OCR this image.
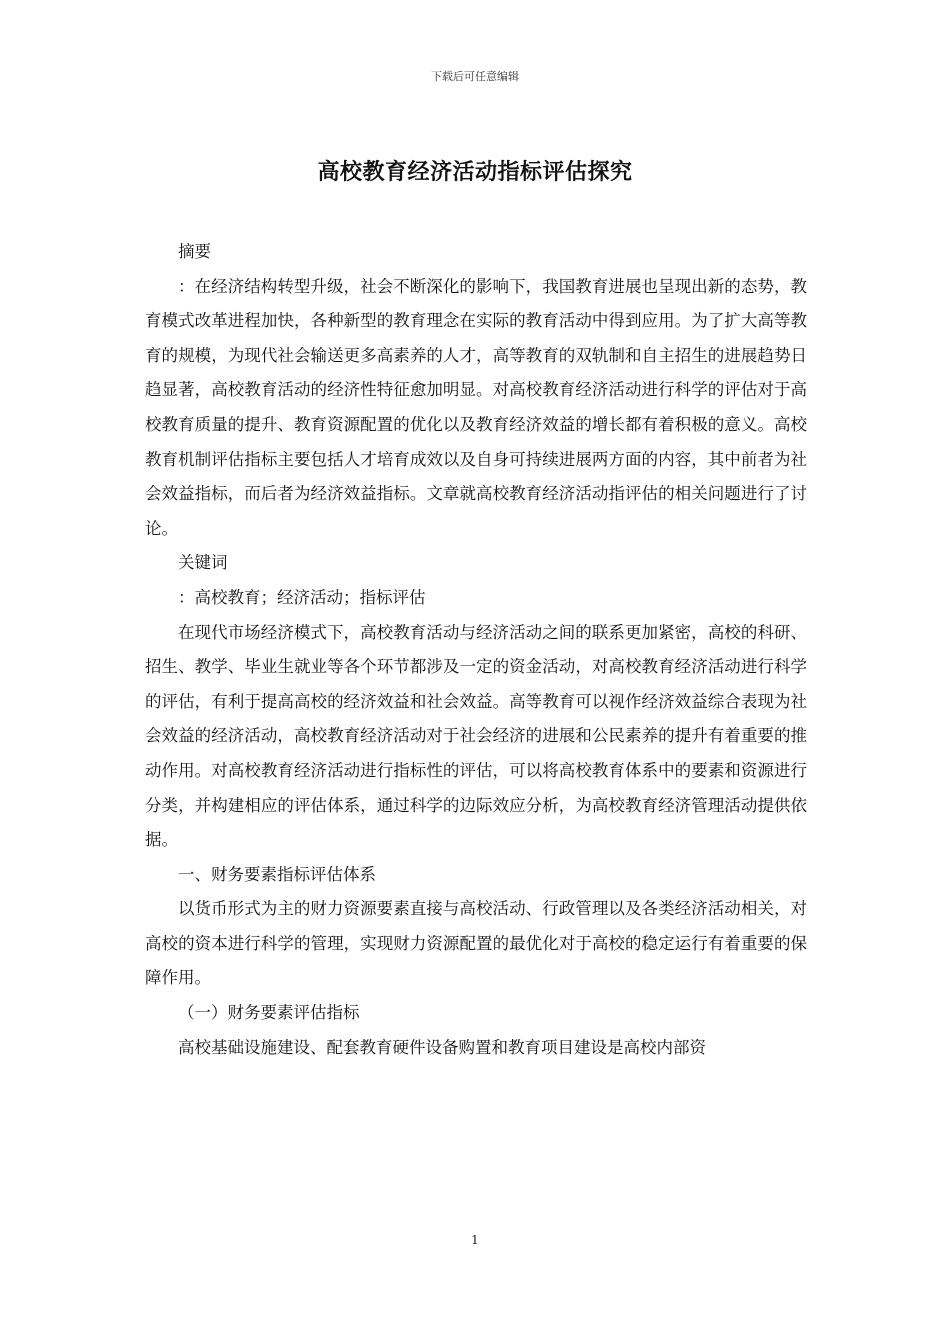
下载后可任意编辑
高校教育经济活动指标评估探究

摘要

：在经济结构转型升级，社会不断深化的影响下，我国教育进展也呈现出新的态势，教育模式改革进程加快，各种新型的教育理念在实际的教育活动中得到应用。为了扩大高等教育的规模，为现代社会输送更多高素养的人才，高等教育的双轨制和自主招生的进展趋势日趋显著，高校教育活动的经济性特征愈加明显。对高校教育经济活动进行科学的评估对于高校教育质量的提升、教育资源配置的优化以及教育经济效益的增长都有着积极的意义。高校教育机制评估指标主要包括人才培育成效以及自身可持续进展两方面的内容，其中前者为社会效益指标，而后者为经济效益指标。文章就高校教育经济活动指评估的相关问题进行了讨论。

关键词

：高校教育；经济活动；指标评估

在现代市场经济模式下，高校教育活动与经济活动之间的联系更加紧密，高校的科研、招生、教学、毕业生就业等各个环节都涉及一定的资金活动，对高校教育经济活动进行科学的评估，有利于提高高校的经济效益和社会效益。高等教育可以视作经济效益综合表现为社会效益的经济活动，高校教育经济活动对于社会经济的进展和公民素养的提升有着重要的推动作用。对高校教育经济活动进行指标性的评估，可以将高校教育体系中的要素和资源进行分类，并构建相应的评估体系，通过科学的边际效应分析，为高校教育经济管理活动提供依据。

一、财务要素指标评估体系

以货币形式为主的财力资源要素直接与高校活动、行政管理以及各类经济活动相关，对高校的资本进行科学的管理，实现财力资源配置的最优化对于高校的稳定运行有着重要的保障作用。

（一）财务要素评估指标

高校基础设施建设、配套教育硬件设备购置和教育项目建设是高校内部资

1
